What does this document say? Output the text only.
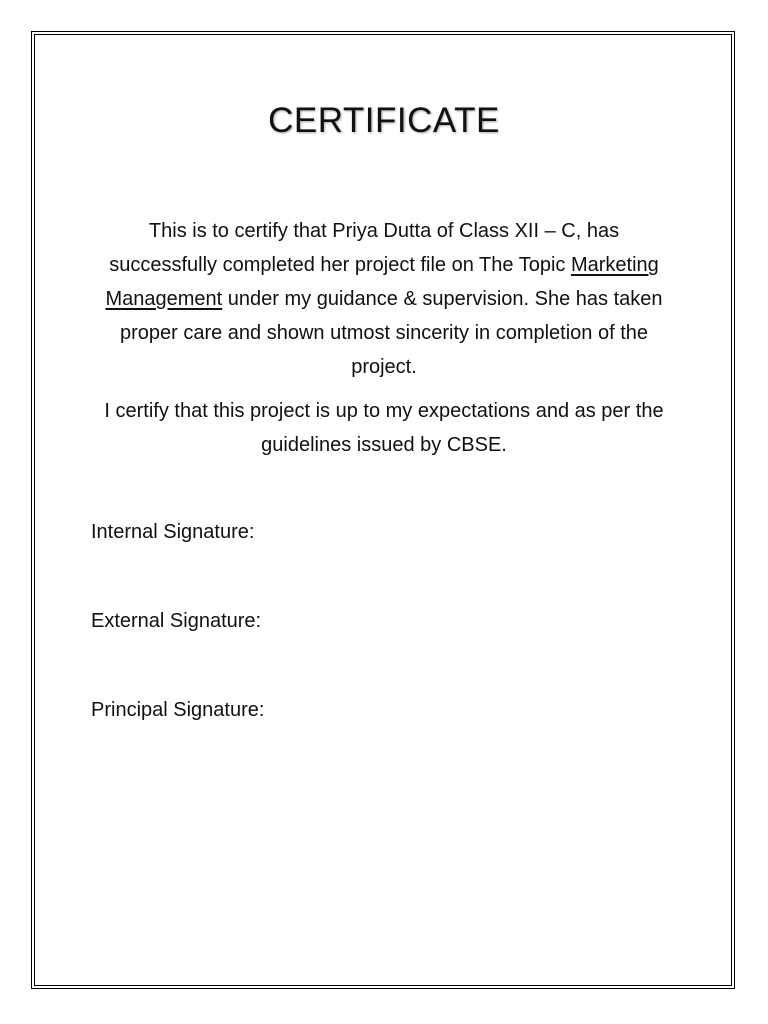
CERTIFICATE

This is to certify that Priya Dutta of Class XII – C, has successfully completed her project file on The Topic Marketing Management under my guidance & supervision. She has taken proper care and shown utmost sincerity in completion of the project.

I certify that this project is up to my expectations and as per the guidelines issued by CBSE.

Internal Signature:

External Signature:

Principal Signature:
